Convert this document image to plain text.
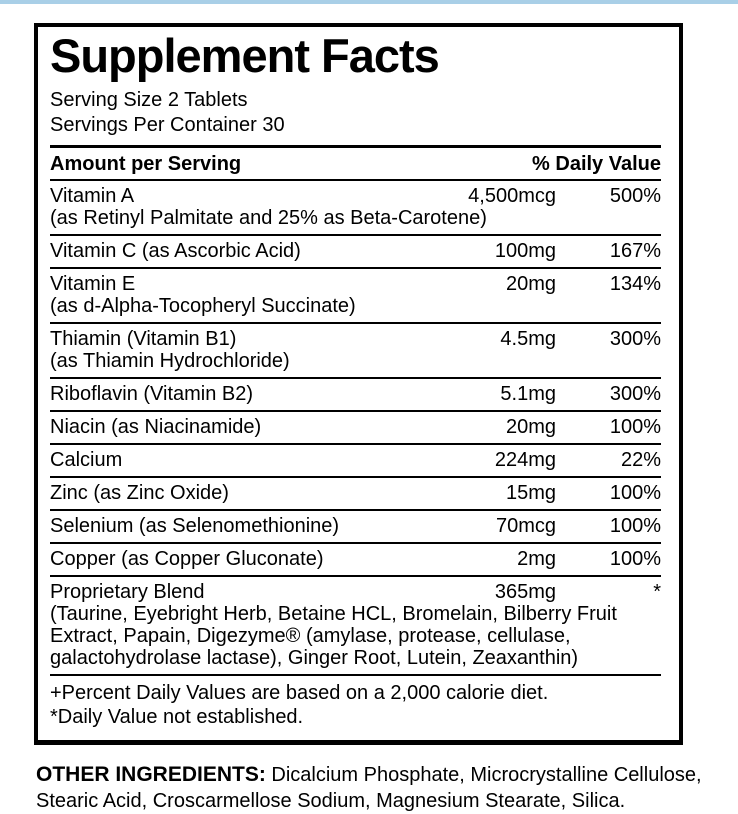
Supplement Facts
Serving Size 2 Tablets
Servings Per Container 30
Amount per Serving	% Daily Value
Vitamin A	4,500mcg	500%
(as Retinyl Palmitate and 25% as Beta-Carotene)
Vitamin C (as Ascorbic Acid)	100mg	167%
Vitamin E	20mg	134%
(as d-Alpha-Tocopheryl Succinate)
Thiamin (Vitamin B1)	4.5mg	300%
(as Thiamin Hydrochloride)
Riboflavin (Vitamin B2)	5.1mg	300%
Niacin (as Niacinamide)	20mg	100%
Calcium	224mg	22%
Zinc (as Zinc Oxide)	15mg	100%
Selenium (as Selenomethionine)	70mcg	100%
Copper (as Copper Gluconate)	2mg	100%
Proprietary Blend	365mg	*
(Taurine, Eyebright Herb, Betaine HCL, Bromelain, Bilberry Fruit Extract, Papain, Digezyme® (amylase, protease, cellulase, galactohydrolase lactase), Ginger Root, Lutein, Zeaxanthin)
+Percent Daily Values are based on a 2,000 calorie diet.
*Daily Value not established.
OTHER INGREDIENTS: Dicalcium Phosphate, Microcrystalline Cellulose, Stearic Acid, Croscarmellose Sodium, Magnesium Stearate, Silica.
